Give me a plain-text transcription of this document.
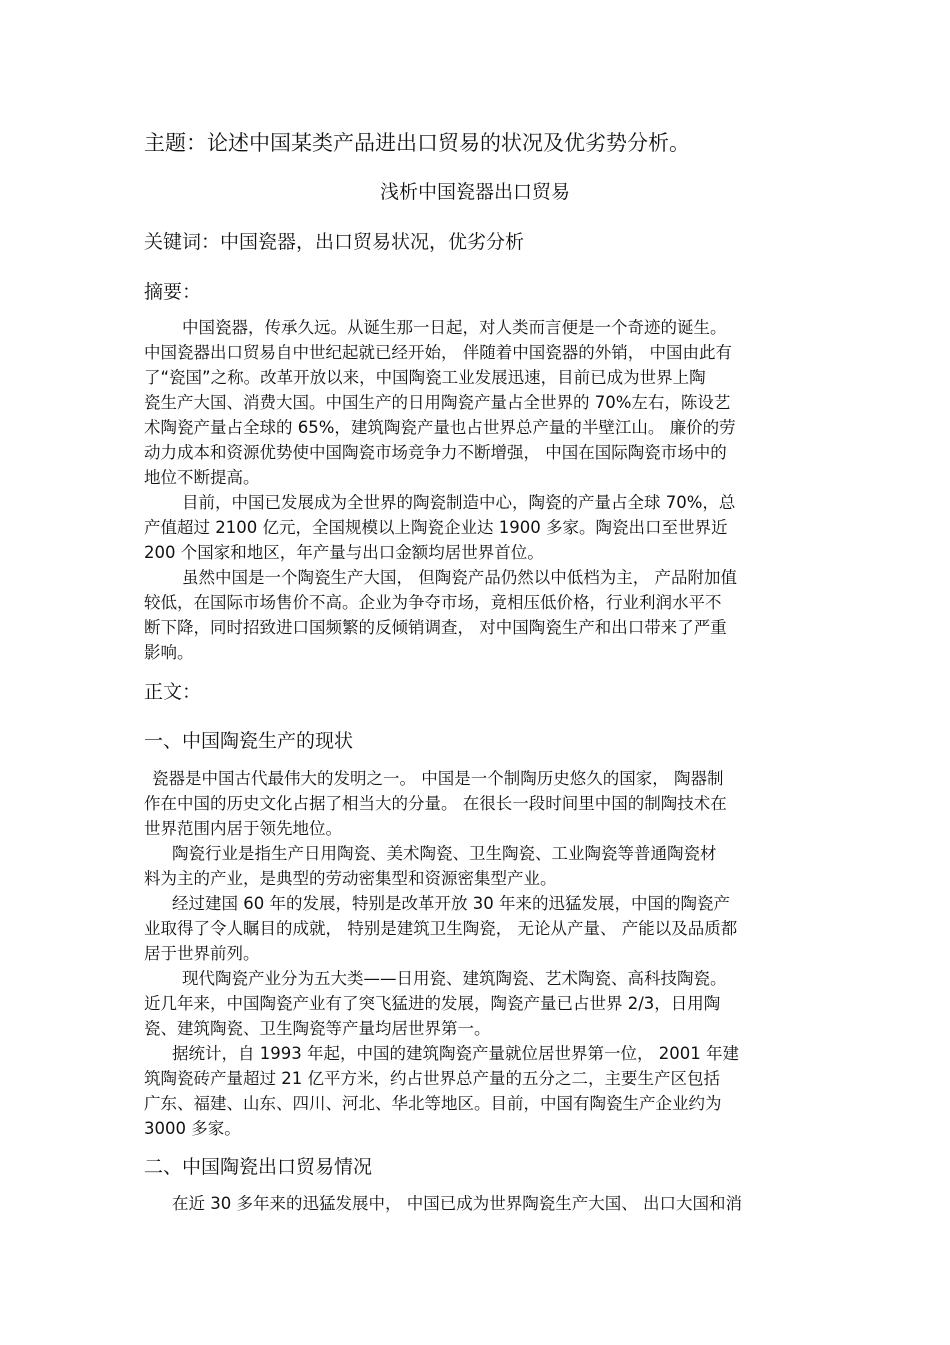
主题：论述中国某类产品进出口贸易的状况及优劣势分析。
浅析中国瓷器出口贸易
关键词：中国瓷器，出口贸易状况，优劣分析
摘要：
中国瓷器，传承久远。从诞生那一日起，对人类而言便是一个奇迹的诞生。
中国瓷器出口贸易自中世纪起就已经开始， 伴随着中国瓷器的外销， 中国由此有
了“瓷国”之称。改革开放以来，中国陶瓷工业发展迅速，目前已成为世界上陶
瓷生产大国、消费大国。中国生产的日用陶瓷产量占全世界的 70%左右，陈设艺
术陶瓷产量占全球的 65%，建筑陶瓷产量也占世界总产量的半壁江山。 廉价的劳
动力成本和资源优势使中国陶瓷市场竞争力不断增强， 中国在国际陶瓷市场中的
地位不断提高。
目前，中国已发展成为全世界的陶瓷制造中心，陶瓷的产量占全球 70%，总
产值超过 2100 亿元，全国规模以上陶瓷企业达 1900 多家。陶瓷出口至世界近
200 个国家和地区，年产量与出口金额均居世界首位。
虽然中国是一个陶瓷生产大国， 但陶瓷产品仍然以中低档为主， 产品附加值
较低，在国际市场售价不高。企业为争夺市场，竟相压低价格，行业利润水平不
断下降，同时招致进口国频繁的反倾销调查， 对中国陶瓷生产和出口带来了严重
影响。
正文：
一、中国陶瓷生产的现状
瓷器是中国古代最伟大的发明之一。 中国是一个制陶历史悠久的国家， 陶器制
作在中国的历史文化占据了相当大的分量。 在很长一段时间里中国的制陶技术在
世界范围内居于领先地位。
陶瓷行业是指生产日用陶瓷、美术陶瓷、卫生陶瓷、工业陶瓷等普通陶瓷材
料为主的产业，是典型的劳动密集型和资源密集型产业。
经过建国 60 年的发展，特别是改革开放 30 年来的迅猛发展，中国的陶瓷产
业取得了令人瞩目的成就， 特别是建筑卫生陶瓷， 无论从产量、 产能以及品质都
居于世界前列。
现代陶瓷产业分为五大类——日用瓷、建筑陶瓷、艺术陶瓷、高科技陶瓷。
近几年来，中国陶瓷产业有了突飞猛进的发展，陶瓷产量已占世界 2/3，日用陶
瓷、建筑陶瓷、卫生陶瓷等产量均居世界第一。
据统计，自 1993 年起，中国的建筑陶瓷产量就位居世界第一位， 2001 年建
筑陶瓷砖产量超过 21 亿平方米，约占世界总产量的五分之二，主要生产区包括
广东、福建、山东、四川、河北、华北等地区。目前，中国有陶瓷生产企业约为
3000 多家。
二、中国陶瓷出口贸易情况
在近 30 多年来的迅猛发展中， 中国已成为世界陶瓷生产大国、 出口大国和消
